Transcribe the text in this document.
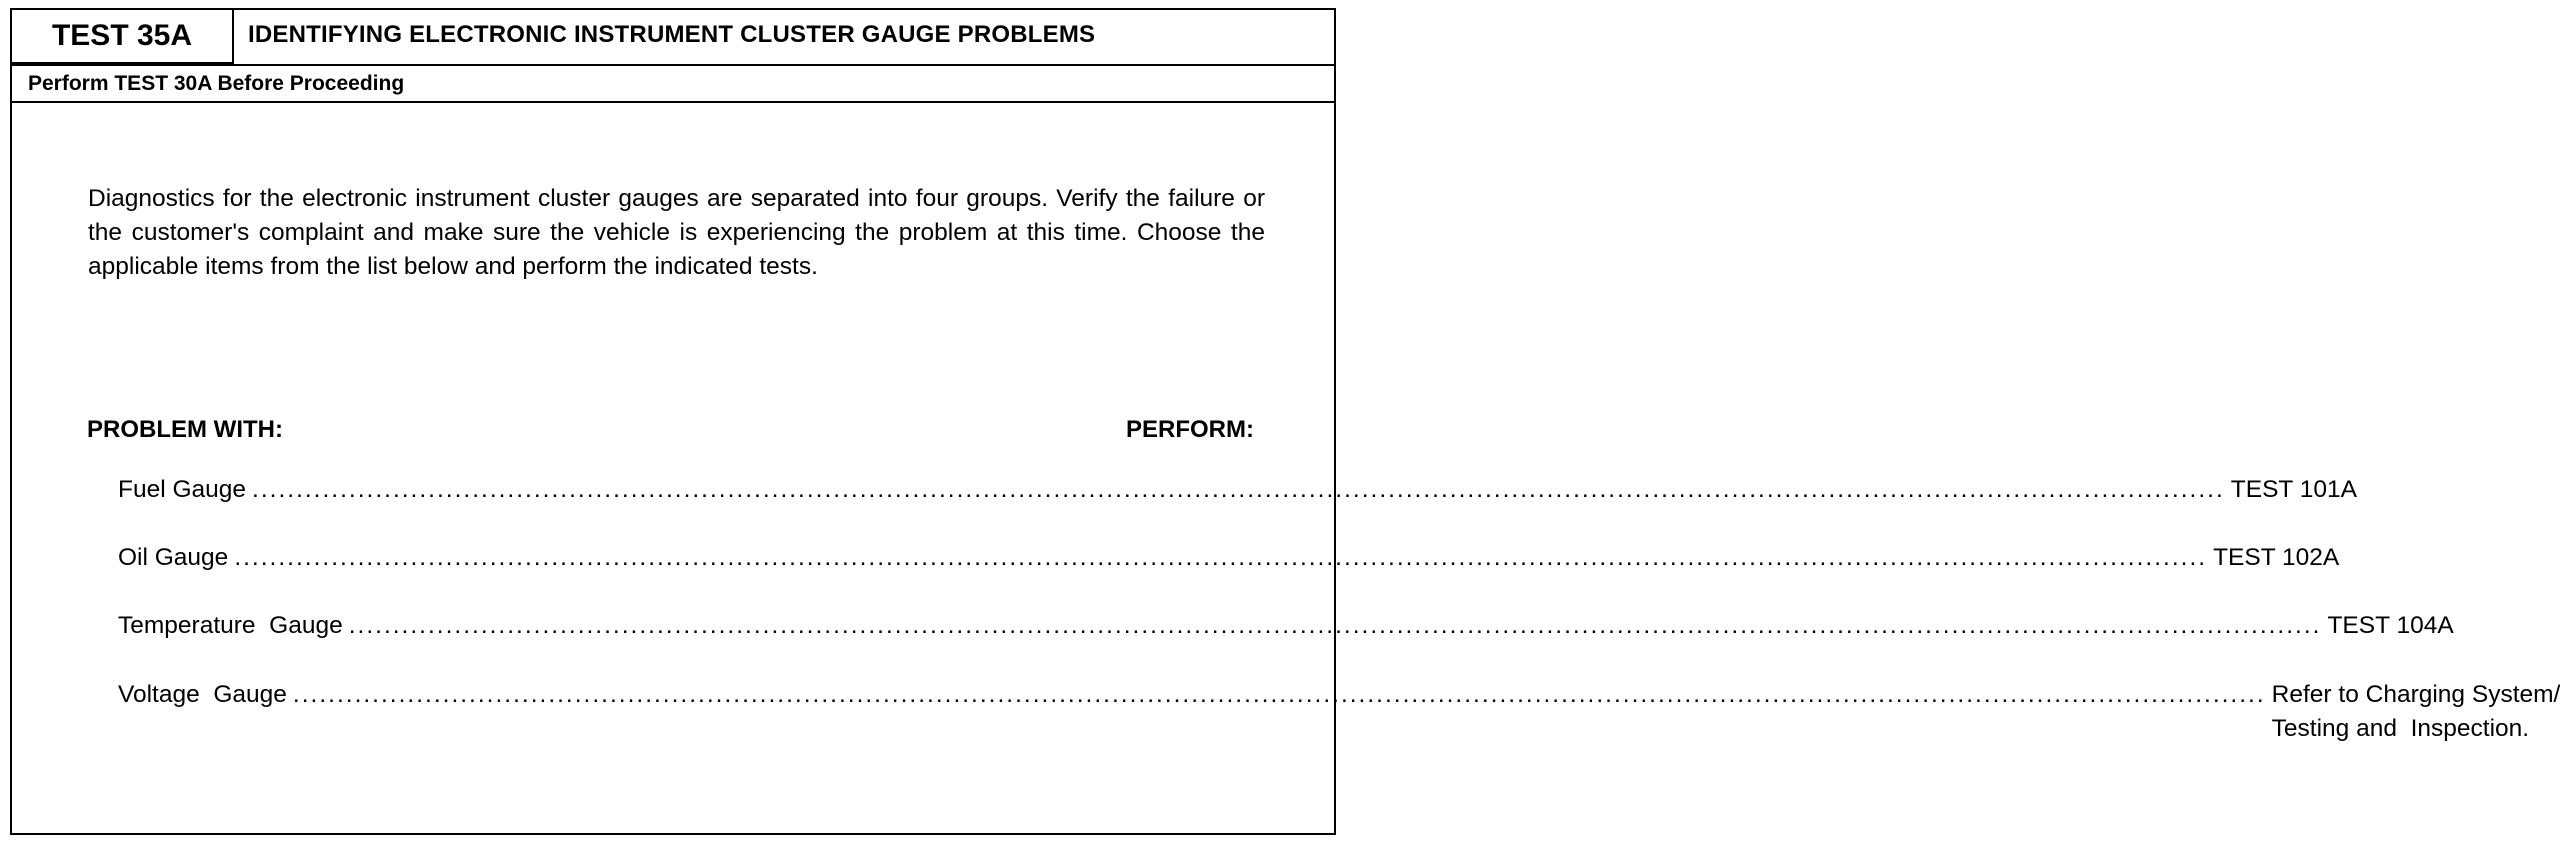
TEST 35A IDENTIFYING ELECTRONIC INSTRUMENT CLUSTER GAUGE PROBLEMS
Perform TEST 30A Before Proceeding
Diagnostics for the electronic instrument cluster gauges are separated into four groups. Verify the failure or the customer's complaint and make sure the vehicle is experiencing the problem at this time. Choose the applicable items from the list below and perform the indicated tests.
PROBLEM WITH:	PERFORM:
Fuel Gauge ................................................................................................................................................................................................................................ TEST 101A
Oil Gauge ................................................................................................................................................................................................................................ TEST 102A
Temperature  Gauge ................................................................................................................................................................................................................................ TEST 104A
Voltage  Gauge ................................................................................................................................................................................................................................ Refer to Charging System/
Testing and  Inspection.
